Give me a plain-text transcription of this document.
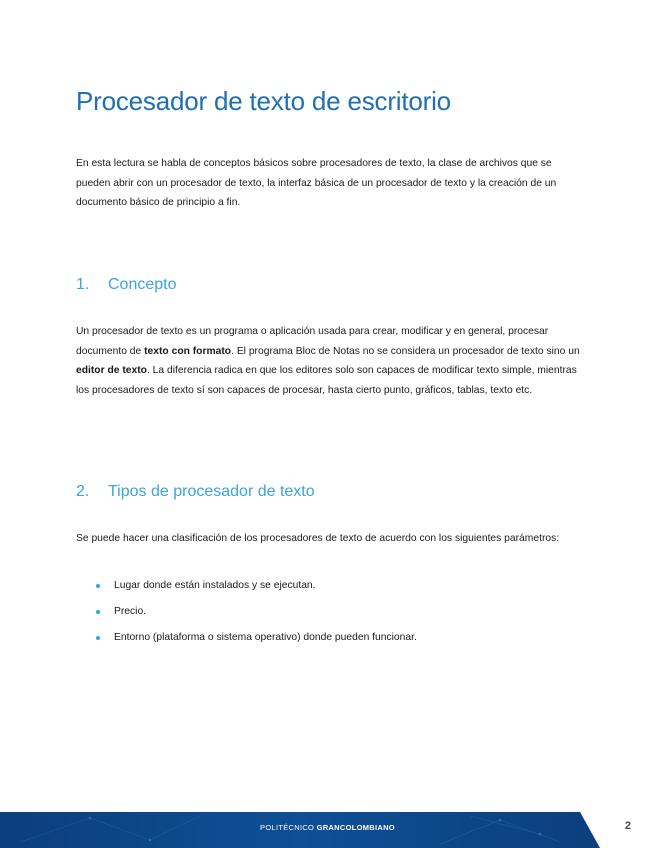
Procesador de texto de escritorio

En esta lectura se habla de conceptos básicos sobre procesadores de texto, la clase de archivos que se pueden abrir con un procesador de texto, la interfaz básica de un procesador de texto y la creación de un documento básico de principio a fin.

1. Concepto

Un procesador de texto es un programa o aplicación usada para crear, modificar y en general, procesar documento de texto con formato. El programa Bloc de Notas no se considera un procesador de texto sino un editor de texto. La diferencia radica en que los editores solo son capaces de modificar texto simple, mientras los procesadores de texto sí son capaces de procesar, hasta cierto punto, gráficos, tablas, texto etc.

2. Tipos de procesador de texto

Se puede hacer una clasificación de los procesadores de texto de acuerdo con los siguientes parámetros:

Lugar donde están instalados y se ejecutan.
Precio.
Entorno (plataforma o sistema operativo) donde pueden funcionar.
POLITÉCNICO GRANCOLOMBIANO	2
